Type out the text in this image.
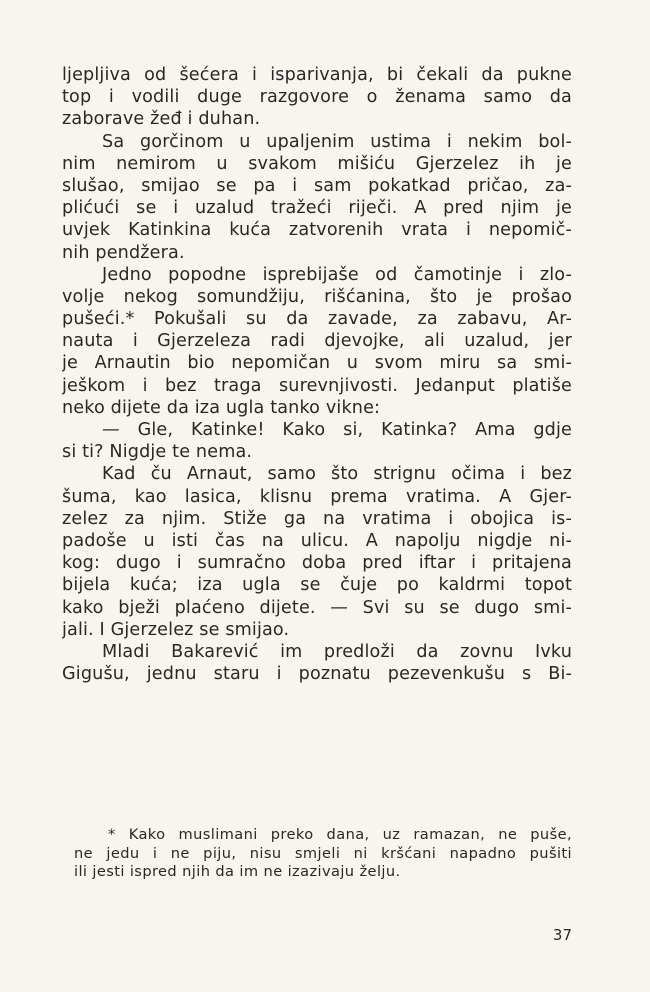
ljepljiva od šećera i isparivanja, bi čekali da pukne
top i vodili duge razgovore o ženama samo da
zaborave žeđ i duhan.
Sa gorčinom u upaljenim ustima i nekim bol-
nim nemirom u svakom mišiću Gjerzelez ih je
slušao, smijao se pa i sam pokatkad pričao, za-
plićući se i uzalud tražeći riječi. A pred njim je
uvjek Katinkina kuća zatvorenih vrata i nepomič-
nih pendžera.
Jedno popodne isprebijaše od čamotinje i zlo-
volje nekog somundžiju, rišćanina, što je prošao
pušeći.* Pokušali su da zavade, za zabavu, Ar-
nauta i Gjerzeleza radi djevojke, ali uzalud, jer
je Arnautin bio nepomičan u svom miru sa smi-
ješkom i bez traga surevnjivosti. Jedanput platiše
neko dijete da iza ugla tanko vikne:
— Gle, Katinke! Kako si, Katinka? Ama gdje
si ti? Nigdje te nema.
Kad ču Arnaut, samo što strignu očima i bez
šuma, kao lasica, klisnu prema vratima. A Gjer-
zelez za njim. Stiže ga na vratima i obojica is-
padoše u isti čas na ulicu. A napolju nigdje ni-
kog: dugo i sumračno doba pred iftar i pritajena
bijela kuća; iza ugla se čuje po kaldrmi topot
kako bježi plaćeno dijete. — Svi su se dugo smi-
jali. I Gjerzelez se smijao.
Mladi Bakarević im predloži da zovnu Ivku
Gigušu, jednu staru i poznatu pezevenkušu s Bi-
* Kako muslimani preko dana, uz ramazan, ne puše,
ne jedu i ne piju, nisu smjeli ni kršćani napadno pušiti
ili jesti ispred njih da im ne izazivaju želju.
37
